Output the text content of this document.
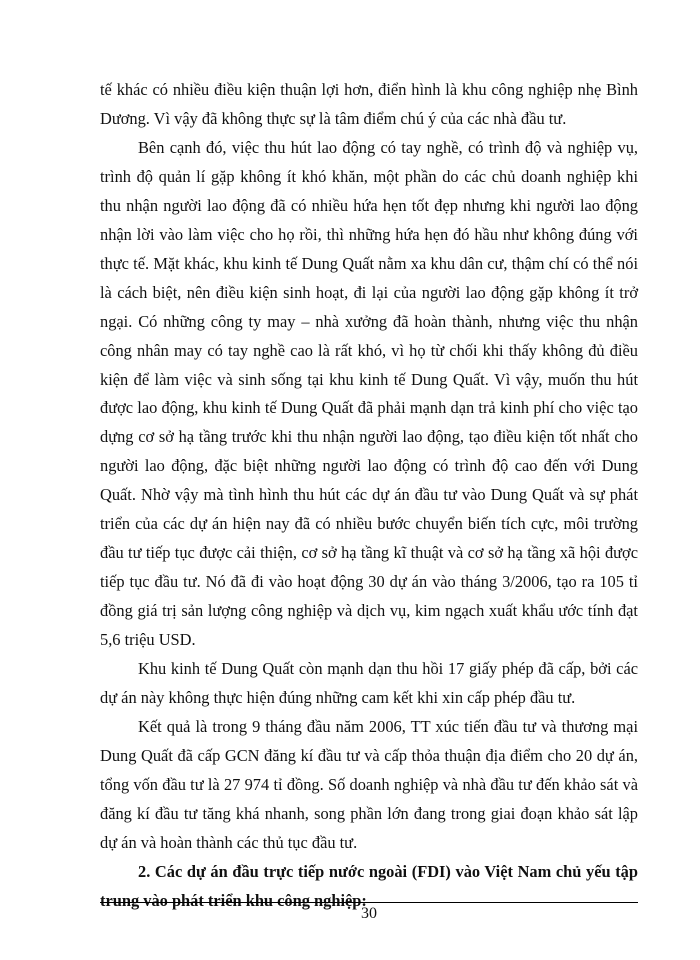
tế khác có nhiều điều kiện thuận lợi hơn, điển hình là khu công nghiệp nhẹ Bình Dương. Vì vậy đã không thực sự là tâm điểm chú ý của các nhà đầu tư.

Bên cạnh đó, việc thu hút lao động có tay nghề, có trình độ và nghiệp vụ, trình độ quản lí gặp không ít khó khăn, một phần do các chủ doanh nghiệp khi thu nhận người lao động đã có nhiều hứa hẹn tốt đẹp nhưng khi người lao động nhận lời vào làm việc cho họ rồi, thì những hứa hẹn đó hầu như không đúng với thực tế. Mặt khác, khu kinh tế Dung Quất nằm xa khu dân cư, thậm chí có thể nói là cách biệt, nên điều kiện sinh hoạt, đi lại của người lao động gặp không ít trở ngại. Có những công ty may – nhà xưởng đã hoàn thành, nhưng việc thu nhận công nhân may có tay nghề cao là rất khó, vì họ từ chối khi thấy không đủ điều kiện để làm việc và sinh sống tại khu kinh tế Dung Quất. Vì vậy, muốn thu hút được lao động, khu kinh tế Dung Quất đã phải mạnh dạn trả kinh phí cho việc tạo dựng cơ sở hạ tầng trước khi thu nhận người lao động, tạo điều kiện tốt nhất cho người lao động, đặc biệt những người lao động có trình độ cao đến với Dung Quất. Nhờ vậy mà tình hình thu hút các dự án đầu tư vào Dung Quất và sự phát triển của các dự án hiện nay đã có nhiều bước chuyển biến tích cực, môi trường đầu tư tiếp tục được cải thiện, cơ sở hạ tầng kĩ thuật và cơ sở hạ tầng xã hội được tiếp tục đầu tư. Nó đã đi vào hoạt động 30 dự án vào tháng 3/2006, tạo ra 105 tỉ đồng giá trị sản lượng công nghiệp và dịch vụ, kim ngạch xuất khẩu ước tính đạt 5,6 triệu USD.

Khu kinh tế Dung Quất còn mạnh dạn thu hồi 17 giấy phép đã cấp, bởi các dự án này không thực hiện đúng những cam kết khi xin cấp phép đầu tư.

Kết quả là trong 9 tháng đầu năm 2006, TT xúc tiến đầu tư và thương mại Dung Quất đã cấp GCN đăng kí đầu tư và cấp thỏa thuận địa điểm cho 20 dự án, tổng vốn đầu tư là 27 974 tỉ đồng. Số doanh nghiệp và nhà đầu tư đến khảo sát và đăng kí đầu tư tăng khá nhanh, song phần lớn đang trong giai đoạn khảo sát lập dự án và hoàn thành các thủ tục đầu tư.

2. Các dự án đầu trực tiếp nước ngoài (FDI) vào Việt Nam chủ yếu tập trung vào phát triển khu công nghiệp:

30
